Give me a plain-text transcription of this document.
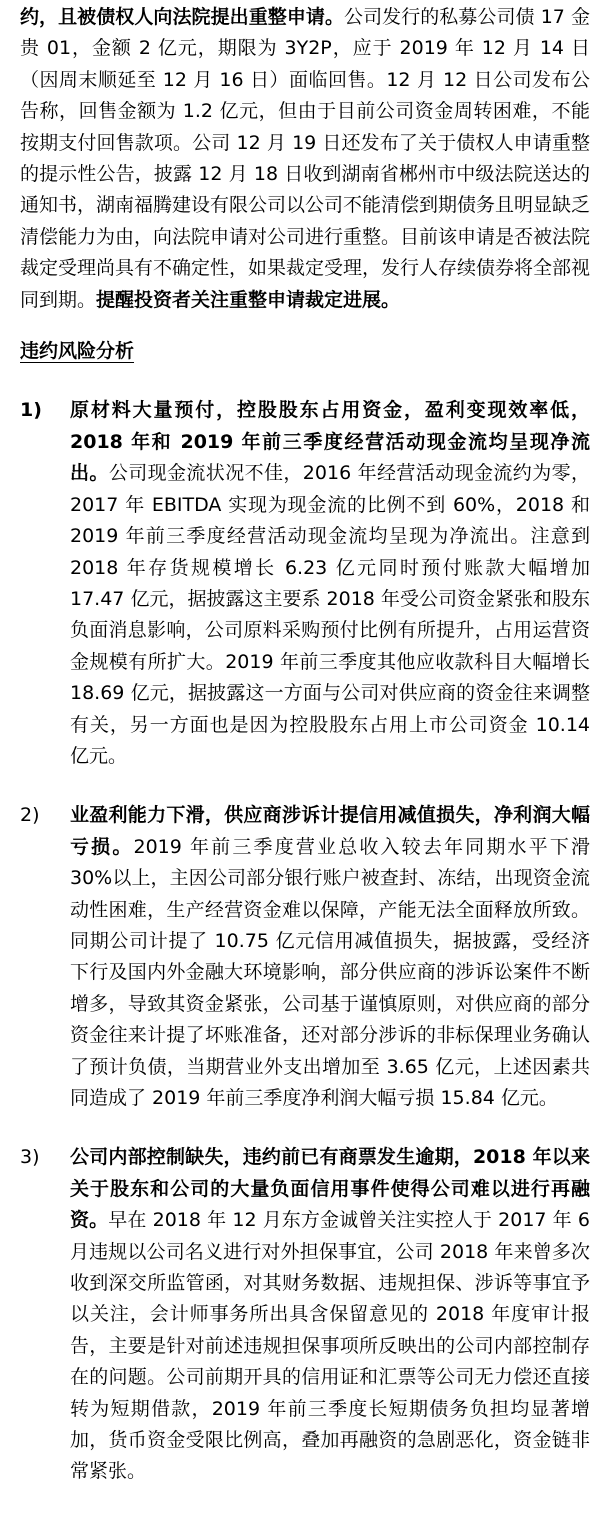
约，且被债权人向法院提出重整申请。公司发行的私募公司债 17 金贵 01，金额 2 亿元，期限为 3Y2P，应于 2019 年 12 月 14 日（因周末顺延至 12 月 16 日）面临回售。12 月 12 日公司发布公告称，回售金额为 1.2 亿元，但由于目前公司资金周转困难，不能按期支付回售款项。公司 12 月 19 日还发布了关于债权人申请重整的提示性公告，披露 12 月 18 日收到湖南省郴州市中级法院送达的通知书，湖南福腾建设有限公司以公司不能清偿到期债务且明显缺乏清偿能力为由，向法院申请对公司进行重整。目前该申请是否被法院裁定受理尚具有不确定性，如果裁定受理，发行人存续债券将全部视同到期。提醒投资者关注重整申请裁定进展。

违约风险分析

1) 原材料大量预付，控股股东占用资金，盈利变现效率低，2018 年和 2019 年前三季度经营活动现金流均呈现净流出。公司现金流状况不佳，2016 年经营活动现金流约为零，2017 年 EBITDA 实现为现金流的比例不到 60%，2018 和 2019 年前三季度经营活动现金流均呈现为净流出。注意到 2018 年存货规模增长 6.23 亿元同时预付账款大幅增加 17.47 亿元，据披露这主要系 2018 年受公司资金紧张和股东负面消息影响，公司原料采购预付比例有所提升，占用运营资金规模有所扩大。2019 年前三季度其他应收款科目大幅增长 18.69 亿元，据披露这一方面与公司对供应商的资金往来调整有关，另一方面也是因为控股股东占用上市公司资金 10.14 亿元。

2) 业盈利能力下滑，供应商涉诉计提信用减值损失，净利润大幅亏损。2019 年前三季度营业总收入较去年同期水平下滑 30%以上，主因公司部分银行账户被查封、冻结，出现资金流动性困难，生产经营资金难以保障，产能无法全面释放所致。同期公司计提了 10.75 亿元信用减值损失，据披露，受经济下行及国内外金融大环境影响，部分供应商的涉诉讼案件不断增多，导致其资金紧张，公司基于谨慎原则，对供应商的部分资金往来计提了坏账准备，还对部分涉诉的非标保理业务确认了预计负债，当期营业外支出增加至 3.65 亿元，上述因素共同造成了 2019 年前三季度净利润大幅亏损 15.84 亿元。

3) 公司内部控制缺失，违约前已有商票发生逾期，2018 年以来关于股东和公司的大量负面信用事件使得公司难以进行再融资。早在 2018 年 12 月东方金诚曾关注实控人于 2017 年 6 月违规以公司名义进行对外担保事宜，公司 2018 年来曾多次收到深交所监管函，对其财务数据、违规担保、涉诉等事宜予以关注，会计师事务所出具含保留意见的 2018 年度审计报告，主要是针对前述违规担保事项所反映出的公司内部控制存在的问题。公司前期开具的信用证和汇票等公司无力偿还直接转为短期借款，2019 年前三季度长短期债务负担均显著增加，货币资金受限比例高，叠加再融资的急剧恶化，资金链非常紧张。
